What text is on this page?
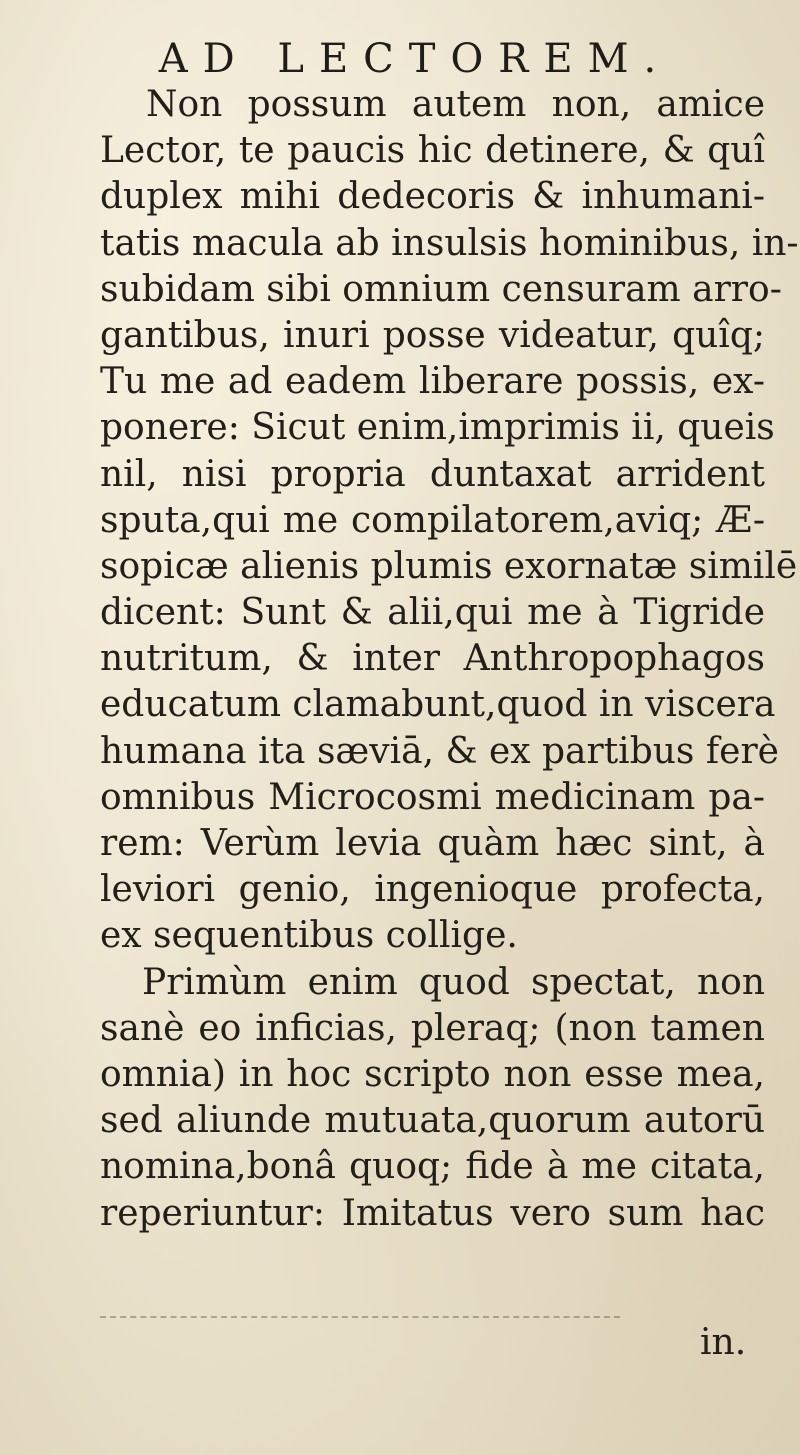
AD LECTOREM.
Non possum autem non, amice
Lector, te paucis hic detinere, & quî
duplex mihi dedecoris & inhumani-
tatis macula ab insulsis hominibus, in-
subidam sibi omnium censuram arro-
gantibus, inuri posse videatur, quîq;
Tu me ad eadem liberare possis, ex-
ponere: Sicut enim,imprimis ii, queis
nil, nisi propria duntaxat arrident
sputa,qui me compilatorem,aviq; Æ-
sopicæ alienis plumis exornatæ similē
dicent: Sunt & alii,qui me à Tigride
nutritum, & inter Anthropophagos
educatum clamabunt,quod in viscera
humana ita sæviā, & ex partibus ferè
omnibus Microcosmi medicinam pa-
rem: Verùm levia quàm hæc sint, à
leviori genio, ingenioque profecta,
ex sequentibus collige.
Primùm enim quod spectat, non
sanè eo inficias, pleraq; (non tamen
omnia) in hoc scripto non esse mea,
sed aliunde mutuata,quorum autorū
nomina,bonâ quoq; fide à me citata,
reperiuntur: Imitatus vero sum hac
in.
